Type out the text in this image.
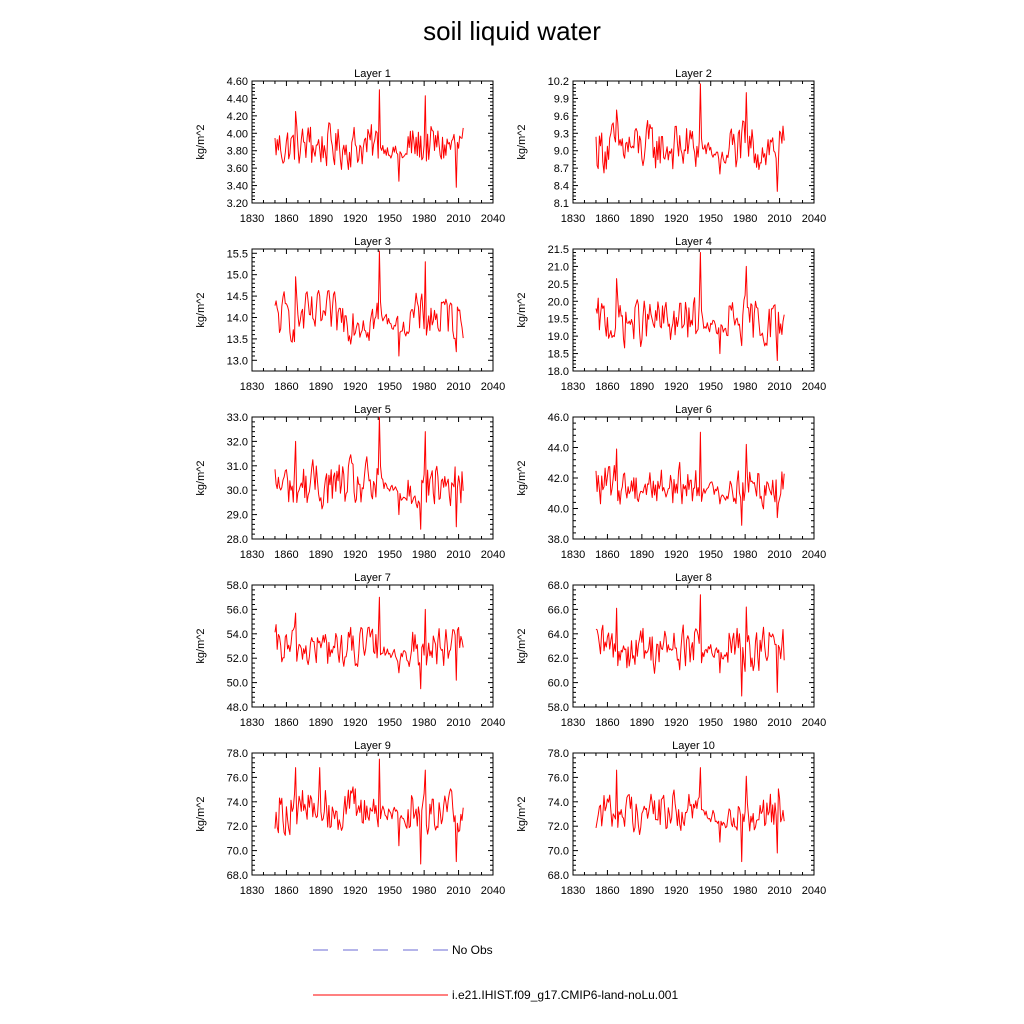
soil liquid water
Layer 1
1830 1860 1890 1920 1950 1980 2010 2040
3.20
3.40
3.60
3.80
4.00
4.20
4.40
4.60
kg/m^2
Layer 2
1830 1860 1890 1920 1950 1980 2010 2040
8.1
8.4
8.7
9.0
9.3
9.6
9.9
10.2
kg/m^2
Layer 3
1830 1860 1890 1920 1950 1980 2010 2040
13.0
13.5
14.0
14.5
15.0
15.5
kg/m^2
Layer 4
1830 1860 1890 1920 1950 1980 2010 2040
18.0
18.5
19.0
19.5
20.0
20.5
21.0
21.5
kg/m^2
Layer 5
1830 1860 1890 1920 1950 1980 2010 2040
28.0
29.0
30.0
31.0
32.0
33.0
kg/m^2
Layer 6
1830 1860 1890 1920 1950 1980 2010 2040
38.0
40.0
42.0
44.0
46.0
kg/m^2
Layer 7
1830 1860 1890 1920 1950 1980 2010 2040
48.0
50.0
52.0
54.0
56.0
58.0
kg/m^2
Layer 8
1830 1860 1890 1920 1950 1980 2010 2040
58.0
60.0
62.0
64.0
66.0
68.0
kg/m^2
Layer 9
1830 1860 1890 1920 1950 1980 2010 2040
68.0
70.0
72.0
74.0
76.0
78.0
kg/m^2
Layer 10
1830 1860 1890 1920 1950 1980 2010 2040
68.0
70.0
72.0
74.0
76.0
78.0
kg/m^2
No Obs
i.e21.IHIST.f09_g17.CMIP6-land-noLu.001
